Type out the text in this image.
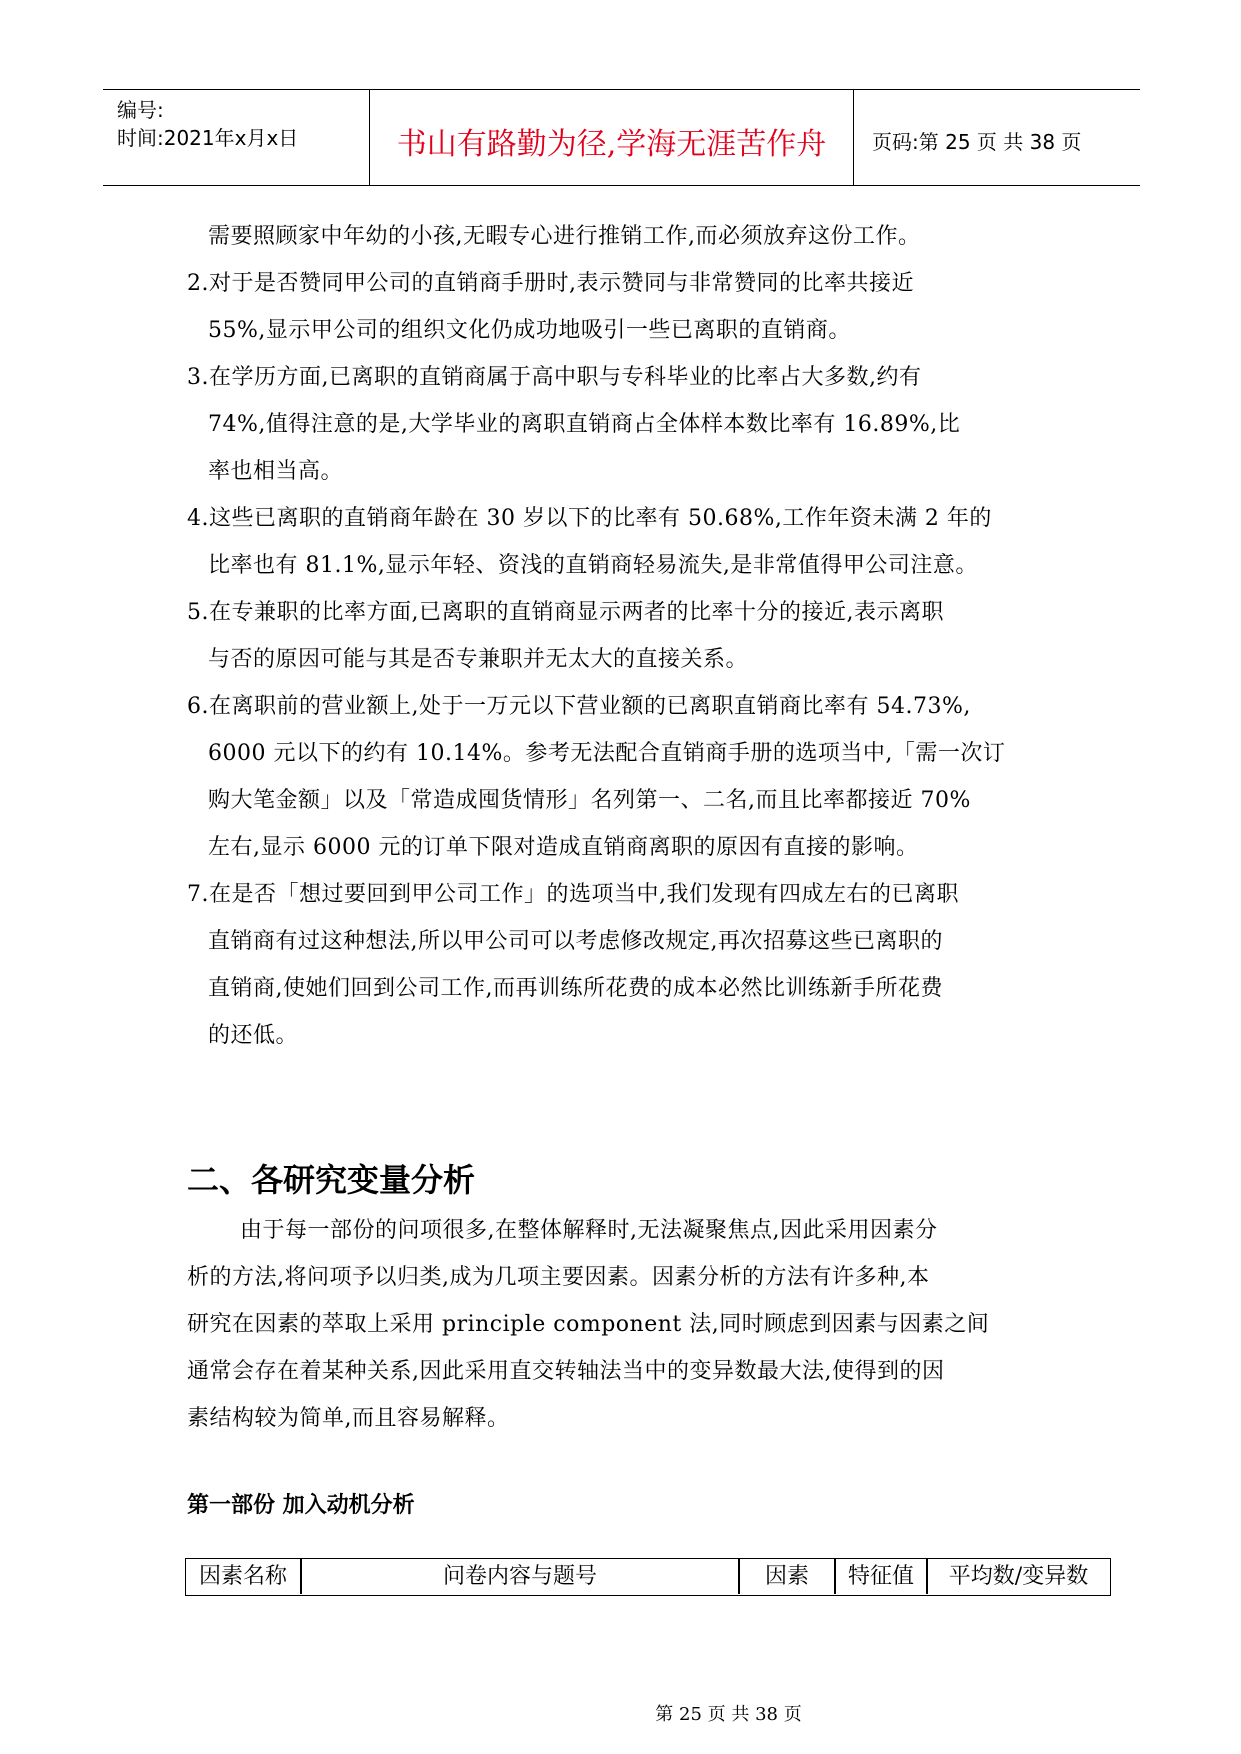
编号:
时间:2021年x月x日	书山有路勤为径,学海无涯苦作舟	页码:第 25 页 共 38 页
需要照顾家中年幼的小孩,无暇专心进行推销工作,而必须放弃这份工作。
2.对于是否赞同甲公司的直销商手册时,表示赞同与非常赞同的比率共接近
55%,显示甲公司的组织文化仍成功地吸引一些已离职的直销商。
3.在学历方面,已离职的直销商属于高中职与专科毕业的比率占大多数,约有
74%,值得注意的是,大学毕业的离职直销商占全体样本数比率有 16.89%,比
率也相当高。
4.这些已离职的直销商年龄在 30 岁以下的比率有 50.68%,工作年资未满 2 年的
比率也有 81.1%,显示年轻、资浅的直销商轻易流失,是非常值得甲公司注意。
5.在专兼职的比率方面,已离职的直销商显示两者的比率十分的接近,表示离职
与否的原因可能与其是否专兼职并无太大的直接关系。
6.在离职前的营业额上,处于一万元以下营业额的已离职直销商比率有 54.73%,
6000 元以下的约有 10.14%。参考无法配合直销商手册的选项当中,「需一次订
购大笔金额」以及「常造成囤货情形」名列第一、二名,而且比率都接近 70%
左右,显示 6000 元的订单下限对造成直销商离职的原因有直接的影响。
7.在是否「想过要回到甲公司工作」的选项当中,我们发现有四成左右的已离职
直销商有过这种想法,所以甲公司可以考虑修改规定,再次招募这些已离职的
直销商,使她们回到公司工作,而再训练所花费的成本必然比训练新手所花费
的还低。
二、各研究变量分析
由于每一部份的问项很多,在整体解释时,无法凝聚焦点,因此采用因素分
析的方法,将问项予以归类,成为几项主要因素。因素分析的方法有许多种,本
研究在因素的萃取上采用 principle component 法,同时顾虑到因素与因素之间
通常会存在着某种关系,因此采用直交转轴法当中的变异数最大法,使得到的因
素结构较为简单,而且容易解释。
第一部份 加入动机分析
因素名称	问卷内容与题号	因素	特征值	平均数/变异数
第 25 页 共 38 页
